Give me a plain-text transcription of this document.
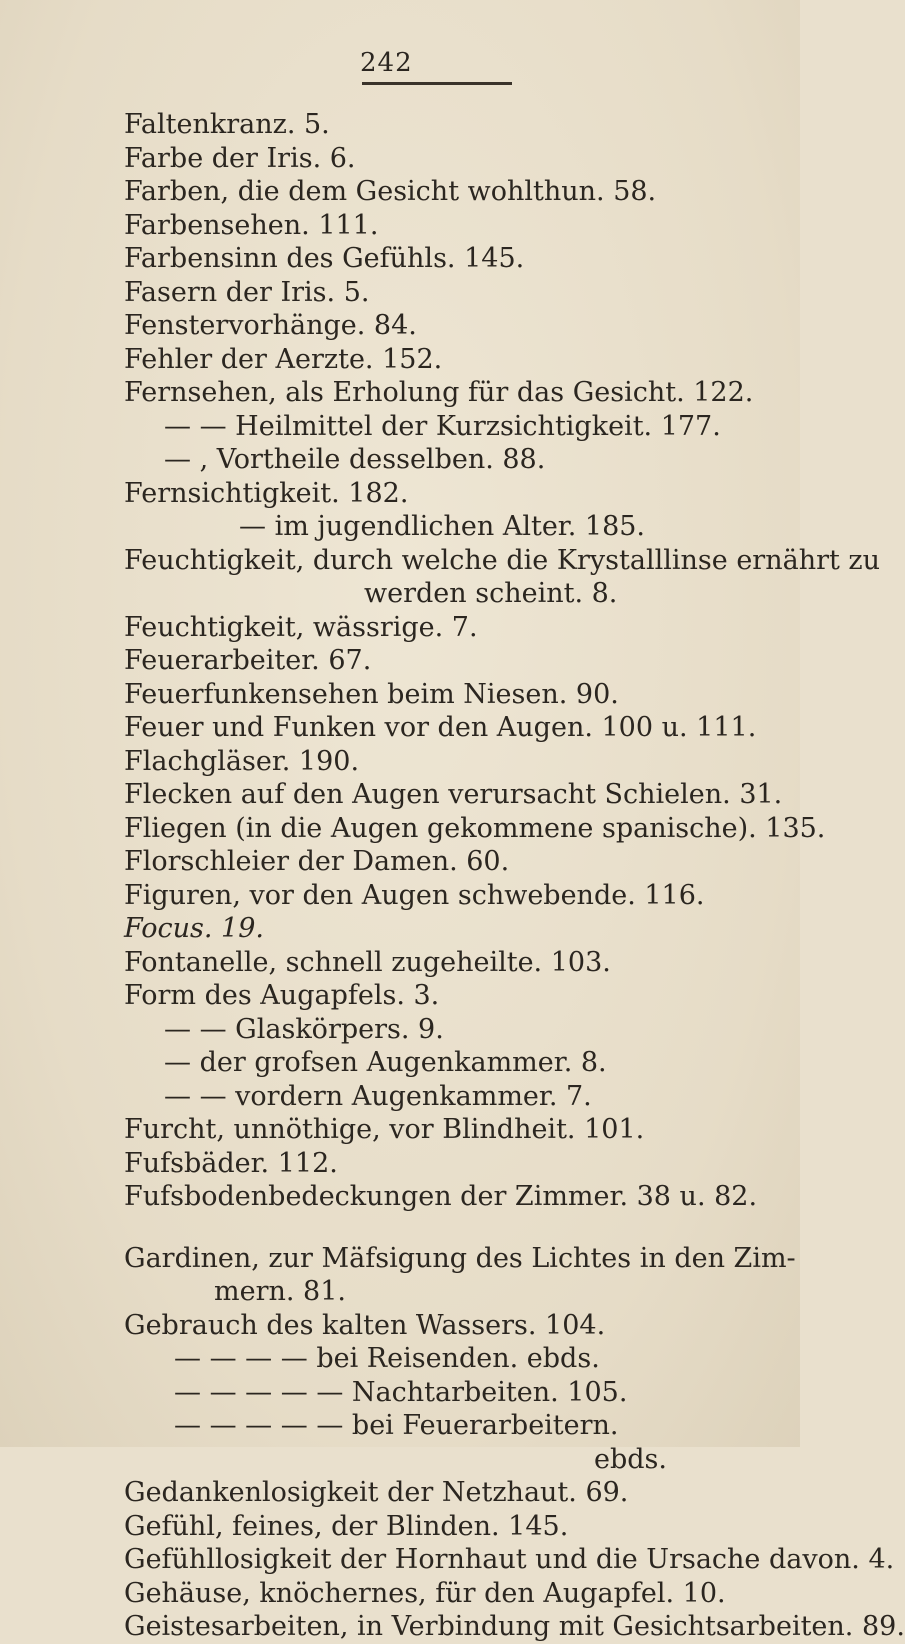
242
Faltenkranz. 5.
Farbe der Iris. 6.
Farben, die dem Gesicht wohlthun. 58.
Farbensehen. 111.
Farbensinn des Gefühls. 145.
Fasern der Iris. 5.
Fenstervorhänge. 84.
Fehler der Aerzte. 152.
Fernsehen, als Erholung für das Gesicht. 122.
— — Heilmittel der Kurzsichtigkeit. 177.
— , Vortheile desselben. 88.
Fernsichtigkeit. 182.
— im jugendlichen Alter. 185.
Feuchtigkeit, durch welche die Krystalllinse ernährt zu
werden scheint. 8.
Feuchtigkeit, wässrige. 7.
Feuerarbeiter. 67.
Feuerfunkensehen beim Niesen. 90.
Feuer und Funken vor den Augen. 100 u. 111.
Flachgläser. 190.
Flecken auf den Augen verursacht Schielen. 31.
Fliegen (in die Augen gekommene spanische). 135.
Florschleier der Damen. 60.
Figuren, vor den Augen schwebende. 116.
Focus. 19.
Fontanelle, schnell zugeheilte. 103.
Form des Augapfels. 3.
— — Glaskörpers. 9.
— der grofsen Augenkammer. 8.
— — vordern Augenkammer. 7.
Furcht, unnöthige, vor Blindheit. 101.
Fufsbäder. 112.
Fufsbodenbedeckungen der Zimmer. 38 u. 82.
Gardinen, zur Mäfsigung des Lichtes in den Zim-
mern. 81.
Gebrauch des kalten Wassers. 104.
— — — — bei Reisenden. ebds.
— — — — — Nachtarbeiten. 105.
— — — — — bei Feuerarbeitern.
ebds.
Gedankenlosigkeit der Netzhaut. 69.
Gefühl, feines, der Blinden. 145.
Gefühllosigkeit der Hornhaut und die Ursache davon. 4.
Gehäuse, knöchernes, für den Augapfel. 10.
Geistesarbeiten, in Verbindung mit Gesichtsarbeiten. 89.
